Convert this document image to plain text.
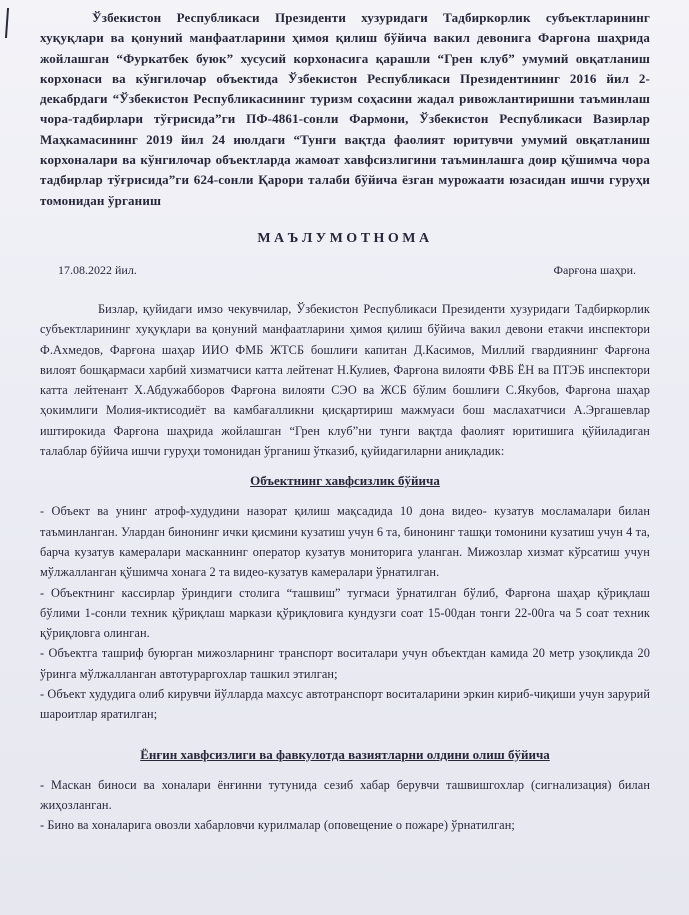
Ўзбекистон Республикаси Президенти хузуридаги Тадбиркорлик субъектларининг хуқуқлари ва қонуний манфаатларини ҳимоя қилиш бўйича вакил девонига Фарғона шаҳрида жойлашган “Фуркатбек буюк” хусусий корхонасига қарашли “Грен клуб” умумий овқатланиш корхонаси ва кўнгилочар объектида Ўзбекистон Республикаси Президентининг 2016 йил 2-декабрдаги “Ўзбекистон Республикасининг туризм соҳасини жадал ривожлантиришни таъминлаш чора-тадбирлари тўғрисида”ги ПФ-4861-сонли Фармони, Ўзбекистон Республикаси Вазирлар Маҳкамасининг 2019 йил 24 июлдаги “Тунги вақтда фаолият юритувчи умумий овқатланиш корхоналари ва кўнгилочар объектларда жамоат хавфсизлигини таъминлашга доир қўшимча чора тадбирлар тўғрисида”ги 624-сонли Қарори талаби бўйича ёзган мурожаати юзасидан ишчи гуруҳи томонидан ўрганиш

МАЪЛУМОТНОМА
17.08.2022 йил.	Фарғона шаҳри.

Бизлар, қуйидаги имзо чекувчилар, Ўзбекистон Республикаси Президенти хузуридаги Тадбиркорлик субъектларининг хуқуқлари ва қонуний манфаатларини ҳимоя қилиш бўйича вакил девони етакчи инспектори Ф.Ахмедов, Фарғона шаҳар ИИО ФМБ ЖТСБ бошлиғи капитан Д.Касимов, Миллий гвардиянинг Фарғона вилоят бошқармаси харбий хизматчиси катта лейтенат Н.Кулиев, Фарғона вилояти ФВБ ЁН ва ПТЭБ инспектори катта лейтенант Х.Абдужабборов Фарғона вилояти СЭО ва ЖСБ бўлим бошлиғи С.Якубов, Фарғона шаҳар ҳокимлиги Молия-иктисодиёт ва камбағалликни қисқартириш мажмуаси бош маслахатчиси А.Эргашевлар иштирокида Фарғона шаҳрида жойлашган “Грен клуб”ни тунги вақтда фаолият юритишига қўйиладиган талаблар бўйича ишчи гуруҳи томонидан ўрганиш ўтказиб, қуйидагиларни аниқладик:

Объектнинг хавфсизлик бўйича

- Объект ва унинг атроф-худудини назорат қилиш мақсадида 10 дона видео- кузатув мосламалари билан таъминланган. Улардан бинонинг ички қисмини кузатиш учун 6 та, бинонинг ташқи томонини кузатиш учун 4 та, барча кузатув камералари масканнинг оператор кузатув мониторига уланган. Мижозлар хизмат кўрсатиш учун мўлжалланган қўшимча хонага 2 та видео-кузатув камералари ўрнатилган.

- Объектнинг кассирлар ўриндиги столига “ташвиш” тугмаси ўрнатилган бўлиб, Фарғона шаҳар қўриқлаш бўлими 1-сонли техник қўриқлаш маркази қўриқловига кундузги соат 15-00дан тонги 22-00га ча 5 соат техник қўриқловга олинган.

- Объектга ташриф буюрган мижозларнинг транспорт воситалари учун объектдан камида 20 метр узоқликда 20 ўринга мўлжалланган автотураргохлар ташкил этилган;

- Объект худудига олиб кирувчи йўлларда махсус автотранспорт воситаларини эркин кириб-чиқиши учун зарурий шароитлар яратилган;

Ёнғин хавфсизлиги ва фавкулотда вазиятларни олдини олиш бўйича

- Маскан биноси ва хоналари ёнғинни тутунида сезиб хабар берувчи ташвишгохлар (сигнализация) билан жиҳозланган.

- Бино ва хоналарига овозли хабарловчи курилмалар (оповещение о пожаре) ўрнатилган;
